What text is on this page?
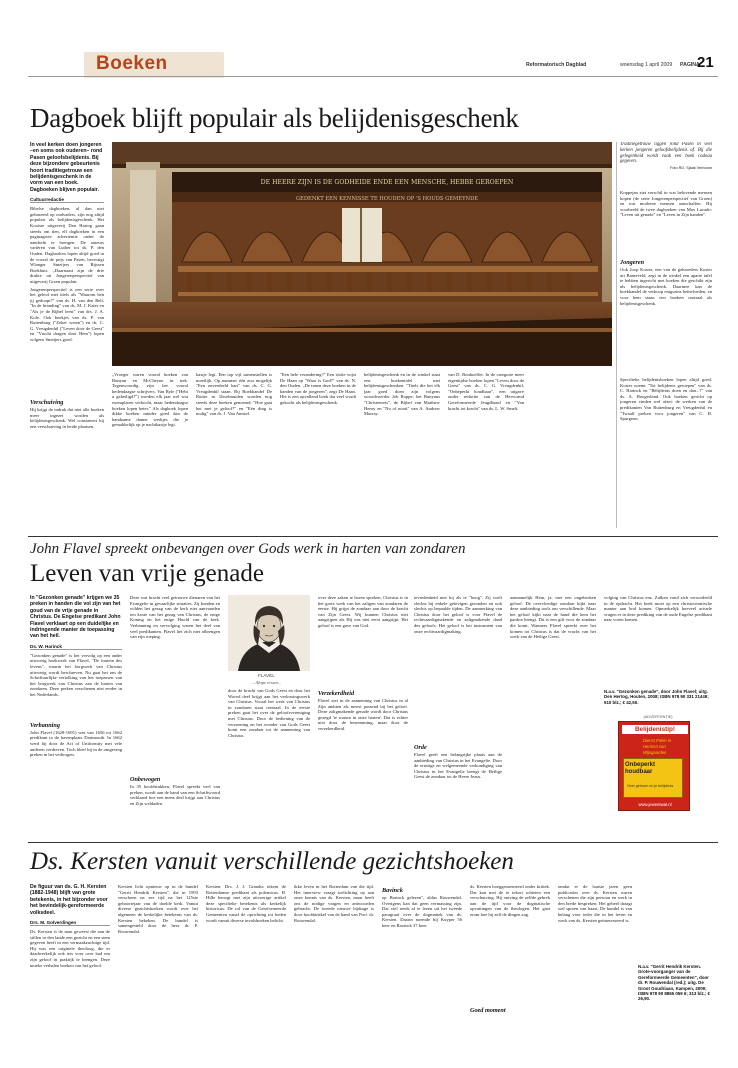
Boeken	Reformatorisch Dagblad	woensdag 1 april 2009 PAGINA
21
Dagboek blijft populair als belijdenisgeschenk
In veel kerken doen jongeren –en soms ook ouderen– rond Pasen geloofsbelijdenis. Bij deze bijzondere gebeurtenis hoort traditiegetrouw een belijdenisgeschenk in de vorm van een boek. Dagboeken blijven populair.
Cultuurredactie

Bibelse dagboeken, al dan niet gebaseerd op oudvaders, zijn nog altijd populair als belijdenisgeschenk. Het Kooiste uitgeverij Den Hartog gaan steeds om tien, elf dagboeken in een paginagrote advertentie onder de aandacht te brengen. De auteurs variëren van Luther tot ds. P. den Ouden. Dagboeken lopen altijd goed in de vooral de prijs van Pasen, bevestigt Wlanger Smeijers van Rijssen Boekhuis. „Daarnaast zijn de drie drukte uit Jongerenperspectief van uitgeverij Groen populair.

Jongerenperspectief is een serie over het geloof met titels als "Waarom ben jij gedoopt?" van ds. H. van den Belt, "In de branding" van ds. M. J. Kater en "Als je de Bijbel leest" van drs. J. A. Kole. Ook boekjes van ds. P. van Ruitenburg ("Zeker weten") en ds. C. G. Vreugdenhil ("Leven door de Geest" en "Vrucht dragen door Hem") lopen volgens Smeijers goed.

Verschuiving

Hij krijgt de indruk dat niet alle boeken meer ingezet worden als belijdenisgeschenk. Wel constateert hij een verschuiving in beide plaatsen.

DE HEERE ZIJN IS DE GODHEIDE ENDE EEN MENSCHE, HEBBE GEROEPEN
GEDENKT EEN KENNISSE TE HOUDEN OP 'S HOUDS GEMEYNDE
Traditiegetrouw liggen rond Pasen in veel kerken jongeren geloofsbelijdenis af. Bij die gelegenheid wordt vaak een boek cadeau gegeven.
Foto RD, Sjaak Verboom

„Vroeger waren vooral boeken van Bunyan en McCheyne in trek. Tegenwoordig zijn het vooral hedendaagse schrijvers. Van Ryle ("Hebt u geheiligd?") worden elk jaar wel wat exemplaren verkocht, maar hedendaagse boeken lopen beter." Als dagboek lopen dikke boeken minder goed dan de handzame dunne werkjes die je gemakkelijk op je nachtkastje legt.

kastje legt. Een top vijf samenstellen is moeilijk. Op nummer één zou mogelijk "Een onverdeeld hart" van ds. C. G. Vreugdenhil staan. Bij Boekhandel De Ruiter in IJsselmuiden worden nog steeds deze boeken genoemd: "Hoe gaat het met je geloof?" en "Eén ding is nodig" van ds. J. Van Amstel.

"Een hele verandering?" Een slotte wijst De Haan op "Waar is God?" van ds. N. den Ouden. „De tanen deze boeken in de handen van de jongeren", zegt De Haan. Het is een opvallend boek dat veel wordt gekocht als belijdenisgeschenk.

belijdenisgeschenk en in de winkel staat een boekentafel met belijdenisgeschenken. "Titels die het elk jaar goed doen zijn volgens woordvoerder Job Roppe: het Bunyans "Christenreis", de Bijbel van Matthew Henry en "Nu of nooit" van A. Andrew Murray.

van D. Bonhoeffer. In de categorie meer eigentijdse boeken lopen "Leven door de Geest" van ds. C. G. Vreugdenhil, "Onbeperkt houdbaar", een uitgave onder redactie van de Hervormd Gereformeerde Jeugdbond en "Van kracht tot kracht" van ds. L. W. Smelt.

Koppejan ziet verschil in wat belovende mensen kopen (de serie Jongerenperspectief van Groen) en wat moderne mensen aanschaffen. Hij voorbeeld de twee dagboeken van Max Lucado: "Leven uit genade" en "Leven in Zijn handen".

Jongeren

Ook Joop Koster, een van de gebroeders Koster uit Barneveld, zegt in de winkel een aparte tafel te hebben ingericht met boeken die geschikt zijn als belijdenisgeschenk. Daarmee kan de boekhandel de verkoop enigszins beïnvloeden, en voor hem staan vier boeken centraal als belijdenisgeschenk.

Specifieke belijdenisboeken lopen altijd goed. Koster noemt "Tot belijdenis geroepen" van ds. C. Harinck en "Bëlijdenis doen en dan...?" van ds. A. Hoogerland. Ook boeken gericht op jongeren vinden wel afzet: de werken van de predikanten Van Ruitenburg en Vreugdenhil en "Twaalf preken voor jongeren" van C. H. Spurgeon.

John Flavel spreekt onbevangen over Gods werk in harten van zondaren
Leven van vrije genade
In "Gezonken genade" krijgen we 35 preken in handen die vol zijn van het goud van de vrije genade in Christus. De Engelse predikant John Flavel verklaart op een duidelijke en indringende manier de toepassing van het heil.
Ds. W. Harinck

"Gezonken genade" is het vervolg op een ander uitvoerig boekwerk van Flavel, "De fontein des levens", waarin het borgwerk van Christus uitvoerig wordt beschreven. Nu gaat het om de Schriftuurlijke vertolking van het toepassen van het borgwerk van Christus aan de harten van zondaren. Deze preken verschenen niet eerder in het Nederlands.

Verbanning

John Flavel (1628-1691) was van 1656 tot 1662 predikant in de havenplaats Dartmouth. In 1662 werd hij door de Act of Uniformity met vele anderen verdreven. Toch bleef hij in de omgeving preken in het verborgen.

Deze wat bracht veel getrouwe dienaren van het Evangelie in gevaarlijke situaties. Zij konden en wilden het gezag van de kerk niet aanvaarden ten koste van het gezag van Christus, de enige Koning en het enige Hoofd van de kerk. Verbanning en vervolging waren het deel van veel predikanten. Flavel liet zich niet afbrengen van zijn roeping.

Onbewogen

In 35 hoofdstukken, Flavel spreekt veel van preken, wordt aan de hand van een Schriftwoord verklaard hoe een mens deel krijgt aan Christus en Zijn weldaden.

FLAVEL
...Alope ervan...

door de kracht van Gods Geest en door het Woord deel krijgt aan het verlossingswerk van Christus. Vooral het werk van Christus in zondaren staat centraal. In de eerste preken gaat het over de geloofsvereniging met Christus. Door de bediening van de verzoening en het wonder van Gods Geest komt een zondaar tot de aanneming van Christus.

over deze zaken te horen spreken. Christus is in het grote werk van het zaligen van zondaren de eerste. Hij grijpt de zondaar aan door de kracht van Zijn Geest. Wij kunnen Christus niet aangrijpen als Hij ons niet eerst aangrijpt. Het geloof is een gave van God.

Verzekerdheid

Flavel ziet in de aanneming van Christus in al Zijn ambten als meest passend bij het geloof. Deze zaligmakende genade wordt door Christus gezegd 'te wonen in onze harten'. Dat is echter niet door de bestemming, maar door de verzekerdheid.

tevredenheid niet hij als te "hoog". Zij voelt slechts bij enkele gelovigen geronden en ook slechts op bepaalde tijden. De aanmerking van Christus door het geloof is voor Flavel de rechtvaardigmakende en zaligmakende daad des geloofs. Het geloof is het instrument van onze rechtvaardigmaking.

Orde

Flavel geeft een belangrijke plaats aan de aanbieding van Christus in het Evangelie. Door de ernstige en welgemeende verkondiging van Christus in het Evangelie brengt de Heilige Geest de zondaar tot de Heere Jezus.

aannamelijk Hem, ja, met een ongebroken geloof. De overvloedige zondaar kijkt naar deze aanbieding tools om verschillende. Maar het geloof kijkt naar de hand die hem het pardon brengt. Dit is een gift voor de zondaar die komt. Wanneer Flavel spreekt over het komen tot Christus is dat de vrucht van het werk van de Heilige Geest.

volging van Christus enz. Zulken vond zich veroordeeld in de opdracht. Het boek moet op een christocentrische manier aan bod komen. Opmerkelijk hoeveel actuele vragen er in deze prediking van de oude Engelse predikant naar voren komen.

N.a.v. "Gezonken genade", door John Flavel; uitg. Den Hertog, Houten, 2008; ISBN 978 90 331 21449; 510 blz.; € 42,50.
(ADVERTENTIE)
Belijdenistip!
Dienst Polen in
Hermen van
Wijngaarden
Onbeperkt houdbaar
Over geloven en je belijdenis
www.jeweetwat.nl
Ds. Kersten vanuit verschillende gezichtshoeken
De figuur van ds. G. H. Kersten (1882-1948) blijft van grote betekenis, in het bijzonder voor het bevindelijk-gereformeerde volksdeel.
Drs. M. Golverdingen

Ds. Kersten is de man geweest die aan de stillen in den lande een gezicht en een stem gegeven heeft in een vermaakzuchtige tijd. Hij was een originele theoloog, die er daadwerkelijk ook iets voor over had om zijn geloof in praktijk te brengen. Deze unieke verhalen boeken van het geloof.

Kersten licht opnieuw op in de bundel "Gerrit Hendrik Kersten", die in 1993 verscheen na zes tijd na het 125ste geboortejaar van de doelde kerk. Vanuit diverse gezichtshoeken wordt over het algemeen de kerkelijke betekenis van ds. Kersten bekeken. De bundel is samengesteld door de heer dr. P. Rouwendal.

Kersten. Drs. J. J. Grandia tekent de Rotterdamse predikant als polemicus. H. Hille beoogt met zijn uitvoerige artikel deze specifieke betekenis als kerkelijk historicus. De rol van de Gereformeerde Gemeenten vanaf de oprichting tot heden wordt vanuit diverse invalshoeken belicht.

ikke leven in het Rotterdam van die tijd. Het interview vraagt toelichting op aan onze kennis van ds. Kersten, maar heeft ons de nodige vragen en antwoorden gebracht. De tweede nieuwe bijdrage is door hoofdartikel van de hand van Prof. dr. Rouwendal.

Bavinck

op Barinck gelezen", aldus Rouwendal. Overigens kan dat geen vermassing zijn. Dat viel reeds af te lezen uit het tweede paragraaf over de dogmatiek van ds. Kersten. Daarin noemde hij Kuyper 56 keer en Bavinck 37 keer.

ds. Kersten boeggenoemeerd onder kritiek. Dat kan met de te tekort schieten een verschuiving. Hij ontving de zelfde gebrek aan de tijd voor de dogmatische opvattingen van de theologen. Het gaat erom hoe hij zelf de dingen zag.

Goed moment

omdat er de laatste jaren geen publicaties over ds. Kersten waren verschenen die zijn persoon en werk in den brede bespreken. Het geheel draagt wel sporen van haast. De bundel is van belang voor ieder die in het leven en werk van ds. Kersten geïnteresseerd is.

N.a.v. "Gerrit Hendrik Kersten. Grote-voorganger van de Gereformeerde Gemeenten", door dr. P. Rouwendal (red.); uitg. De Groot Goudriaan, Kampen, 2009; ISBN 978 90 8865 059 6; 313 blz.; € 26,90.
